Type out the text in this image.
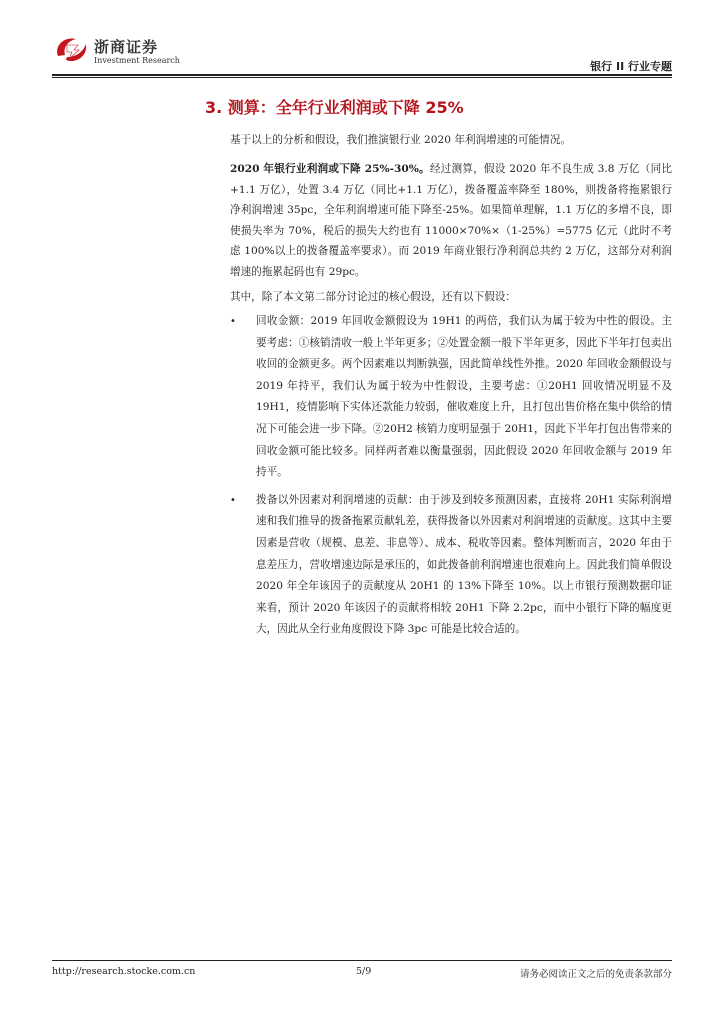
浙商证券
Investment Research	银行 II 行业专题
3. 测算：全年行业利润或下降 25%

基于以上的分析和假设，我们推演银行业 2020 年利润增速的可能情况。

2020 年银行业利润或下降 25%-30%。经过测算，假设 2020 年不良生成 3.8 万亿（同比+1.1 万亿），处置 3.4 万亿（同比+1.1 万亿），拨备覆盖率降至 180%，则拨备将拖累银行净利润增速 35pc，全年利润增速可能下降至-25%。如果简单理解，1.1 万亿的多增不良，即使损失率为 70%，税后的损失大约也有 11000×70%×（1-25%）=5775 亿元（此时不考虑 100%以上的拨备覆盖率要求）。而 2019 年商业银行净利润总共约 2 万亿，这部分对利润增速的拖累起码也有 29pc。

其中，除了本文第二部分讨论过的核心假设，还有以下假设：

• 回收金额：2019 年回收金额假设为 19H1 的两倍，我们认为属于较为中性的假设。主要考虑：①核销清收一般上半年更多；②处置金额一般下半年更多，因此下半年打包卖出收回的金额更多。两个因素难以判断孰强，因此简单线性外推。2020 年回收金额假设与 2019 年持平，我们认为属于较为中性假设，主要考虑：①20H1 回收情况明显不及 19H1，疫情影响下实体还款能力较弱，催收难度上升，且打包出售价格在集中供给的情况下可能会进一步下降。②20H2 核销力度明显强于 20H1，因此下半年打包出售带来的回收金额可能比较多。同样两者难以衡量强弱，因此假设 2020 年回收金额与 2019 年持平。
• 拨备以外因素对利润增速的贡献：由于涉及到较多预测因素，直接将 20H1 实际利润增速和我们推导的拨备拖累贡献轧差，获得拨备以外因素对利润增速的贡献度。这其中主要因素是营收（规模、息差、非息等）、成本、税收等因素。整体判断而言，2020 年由于息差压力，营收增速边际是承压的，如此拨备前利润增速也很难向上。因此我们简单假设 2020 年全年该因子的贡献度从 20H1 的 13%下降至 10%。以上市银行预测数据印证来看，预计 2020 年该因子的贡献将相较 20H1 下降 2.2pc，而中小银行下降的幅度更大，因此从全行业角度假设下降 3pc 可能是比较合适的。
http://research.stocke.com.cn	5/9	请务必阅读正文之后的免责条款部分
